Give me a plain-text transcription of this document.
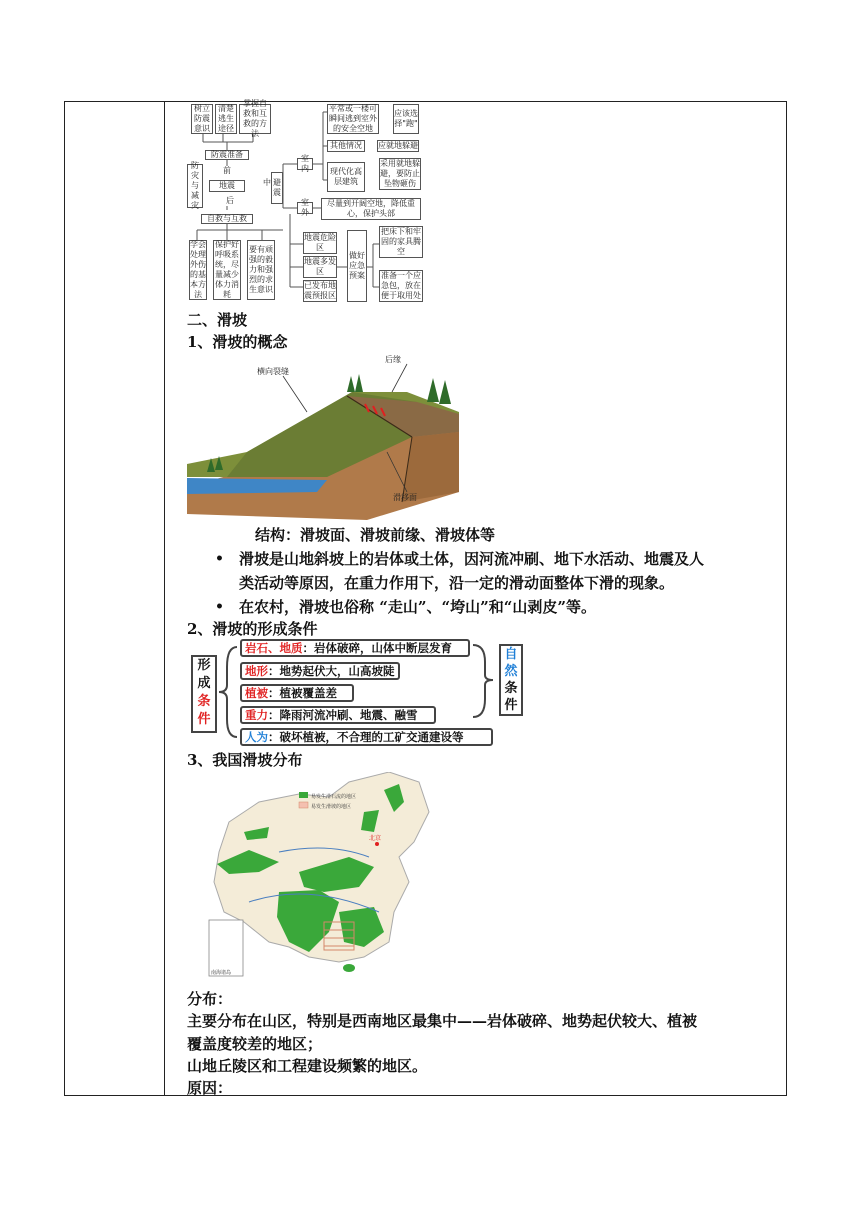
树立防震意识
清楚逃生途径
掌握自救和互救的方法
平常或一楼可瞬间逃到室外的安全空地
应该选择"跑"
防震准备
防灾与减灾
前
地震	中
后
避震
室内
其他情况	应就地躲避
现代化高层建筑
采用就地躲避，要防止坠物砸伤
室外
尽量到开阔空地，降低重心，保护头部
自救与互救
学会处理外伤的基本方法
保护好呼吸系统，尽量减少体力消耗
要有顽强的毅力和强烈的求生意识
地震危险区
地震多发区
已发布地震预报区
做好应急预案
把床下和牢固的家具腾空
准备一个应急包，放在便于取用处
二、滑坡
1、滑坡的概念
后缘
横向裂缝
滑移面
结构：滑坡面、滑坡前缘、滑坡体等
• 滑坡是山地斜坡上的岩体或土体，因河流冲刷、地下水活动、地震及人
类活动等原因，在重力作用下，沿一定的滑动面整体下滑的现象。
• 在农村，滑坡也俗称 “走山”、“垮山”和“山剥皮”等。
2、滑坡的形成条件
形
成
条
件
岩石、地质：岩体破碎，山体中断层发育
地形：地势起伏大，山高坡陡
植被：植被覆盖差
重力：降雨河流冲刷、地震、融雪
人为：破坏植被，不合理的工矿交通建设等
自
然
条
件
3、我国滑坡分布
易发生滑石流的地区
易发生滑坡的地区
北京
南海诸岛
分布：
主要分布在山区，特别是西南地区最集中——岩体破碎、地势起伏较大、植被
覆盖度较差的地区；
山地丘陵区和工程建设频繁的地区。
原因：
